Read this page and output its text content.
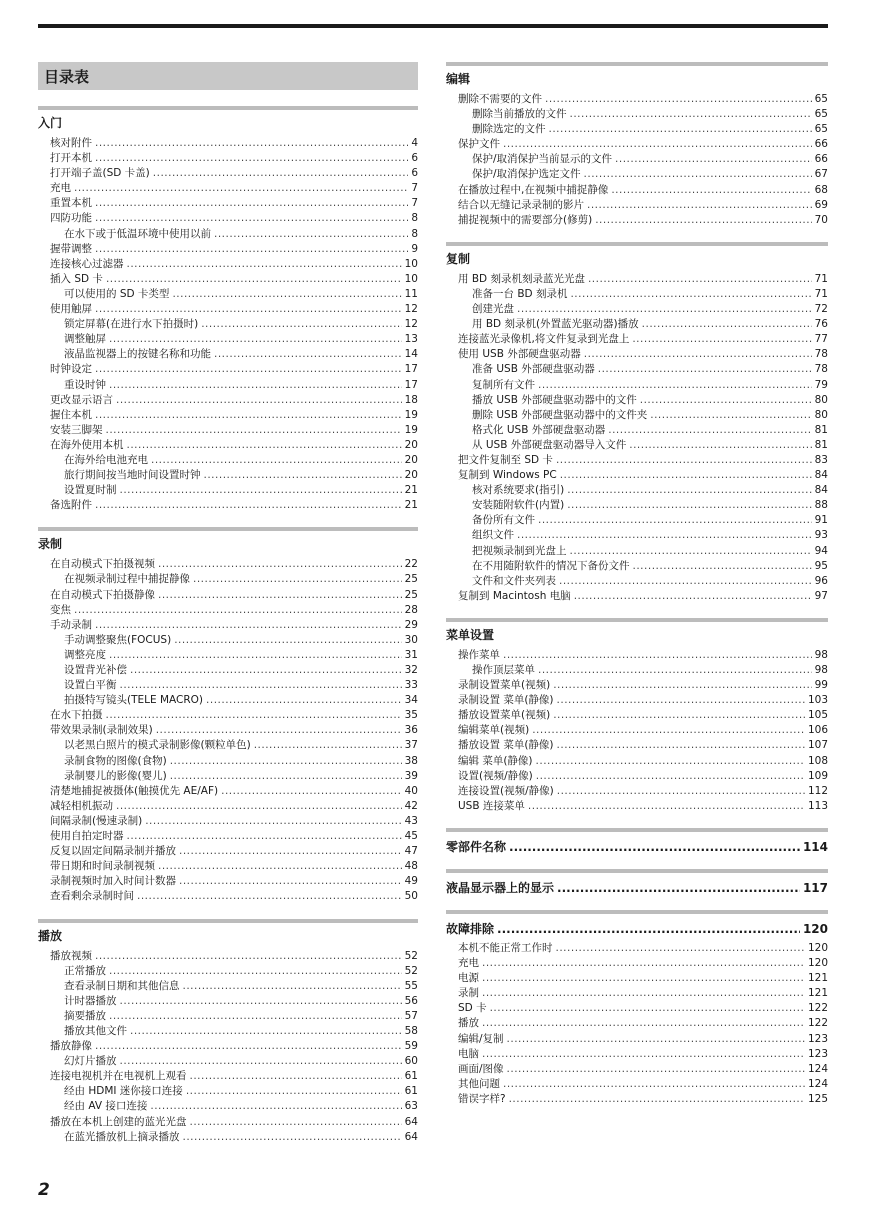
目录表
入门
核对附件 .....	4
打开本机 .....	6
打开端子盖(SD 卡盖) .....	6
充电 .....	7
重置本机 .....	7
四防功能 .....	8
在水下或于低温环境中使用以前 .....	8
握带调整 .....	9
连接核心过滤器 .....	10
插入 SD 卡 .....	10
可以使用的 SD 卡类型 .....	11
使用触屏 .....	12
锁定屏幕(在进行水下拍摄时) .....	12
调整触屏 .....	13
液晶监视器上的按键名称和功能 .....	14
时钟设定 .....	17
重设时钟 .....	17
更改显示语言 .....	18
握住本机 .....	19
安装三脚架 .....	19
在海外使用本机 .....	20
在海外给电池充电 .....	20
旅行期间按当地时间设置时钟 .....	20
设置夏时制 .....	21
备选附件 .....	21
录制
在自动模式下拍摄视频 .....	22
在视频录制过程中捕捉静像 .....	25
在自动模式下拍摄静像 .....	25
变焦 .....	28
手动录制 .....	29
手动调整聚焦(FOCUS) .....	30
调整亮度 .....	31
设置背光补偿 .....	32
设置白平衡 .....	33
拍摄特写镜头(TELE MACRO) .....	34
在水下拍摄 .....	35
带效果录制(录制效果) .....	36
以老黑白照片的模式录制影像(颗粒单色) .....	37
录制食物的图像(食物) .....	38
录制婴儿的影像(婴儿) .....	39
清楚地捕捉被摄体(触摸优先 AE/AF) .....	40
减轻相机振动 .....	42
间隔录制(慢速录制) .....	43
使用自拍定时器 .....	45
反复以固定间隔录制并播放 .....	47
带日期和时间录制视频 .....	48
录制视频时加入时间计数器 .....	49
查看剩余录制时间 .....	50
播放
播放视频 .....	52
正常播放 .....	52
查看录制日期和其他信息 .....	55
计时器播放 .....	56
摘要播放 .....	57
播放其他文件 .....	58
播放静像 .....	59
幻灯片播放 .....	60
连接电视机并在电视机上观看 .....	61
经由 HDMI 迷你接口连接 .....	61
经由 AV 接口连接 .....	63
播放在本机上创建的蓝光光盘 .....	64
在蓝光播放机上摘录播放 .....	64
编辑
删除不需要的文件 .....	65
删除当前播放的文件 .....	65
删除选定的文件 .....	65
保护文件 .....	66
保护/取消保护当前显示的文件 .....	66
保护/取消保护选定文件 .....	67
在播放过程中,在视频中捕捉静像 .....	68
结合以无缝记录录制的影片 .....	69
捕捉视频中的需要部分(修剪) .....	70
复制
用 BD 刻录机刻录蓝光光盘 .....	71
准备一台 BD 刻录机 .....	71
创建光盘 .....	72
用 BD 刻录机(外置蓝光驱动器)播放 .....	76
连接蓝光录像机,将文件复录到光盘上 .....	77
使用 USB 外部硬盘驱动器 .....	78
准备 USB 外部硬盘驱动器 .....	78
复制所有文件 .....	79
播放 USB 外部硬盘驱动器中的文件 .....	80
删除 USB 外部硬盘驱动器中的文件夹 .....	80
格式化 USB 外部硬盘驱动器 .....	81
从 USB 外部硬盘驱动器导入文件 .....	81
把文件复制至 SD 卡 .....	83
复制到 Windows PC .....	84
核对系统要求(指引) .....	84
安装随附软件(内置) .....	88
备份所有文件 .....	91
组织文件 .....	93
把视频录制到光盘上 .....	94
在不用随附软件的情况下备份文件 .....	95
文件和文件夹列表 .....	96
复制到 Macintosh 电脑 .....	97
菜单设置
操作菜单 .....	98
操作顶层菜单 .....	98
录制设置菜单(视频) .....	99
录制设置 菜单(静像) .....	103
播放设置菜单(视频) .....	105
编辑菜单(视频) .....	106
播放设置 菜单(静像) .....	107
编辑 菜单(静像) .....	108
设置(视频/静像) .....	109
连接设置(视频/静像) .....	112
USB 连接菜单 .....	113
零部件名称 .....	114
液晶显示器上的显示 .....	117
故障排除 .....	120
本机不能正常工作时 .....	120
充电 .....	120
电源 .....	121
录制 .....	121
SD 卡 .....	122
播放 .....	122
编辑/复制 .....	123
电脑 .....	123
画面/图像 .....	124
其他问题 .....	124
错误字样? .....	125
2
